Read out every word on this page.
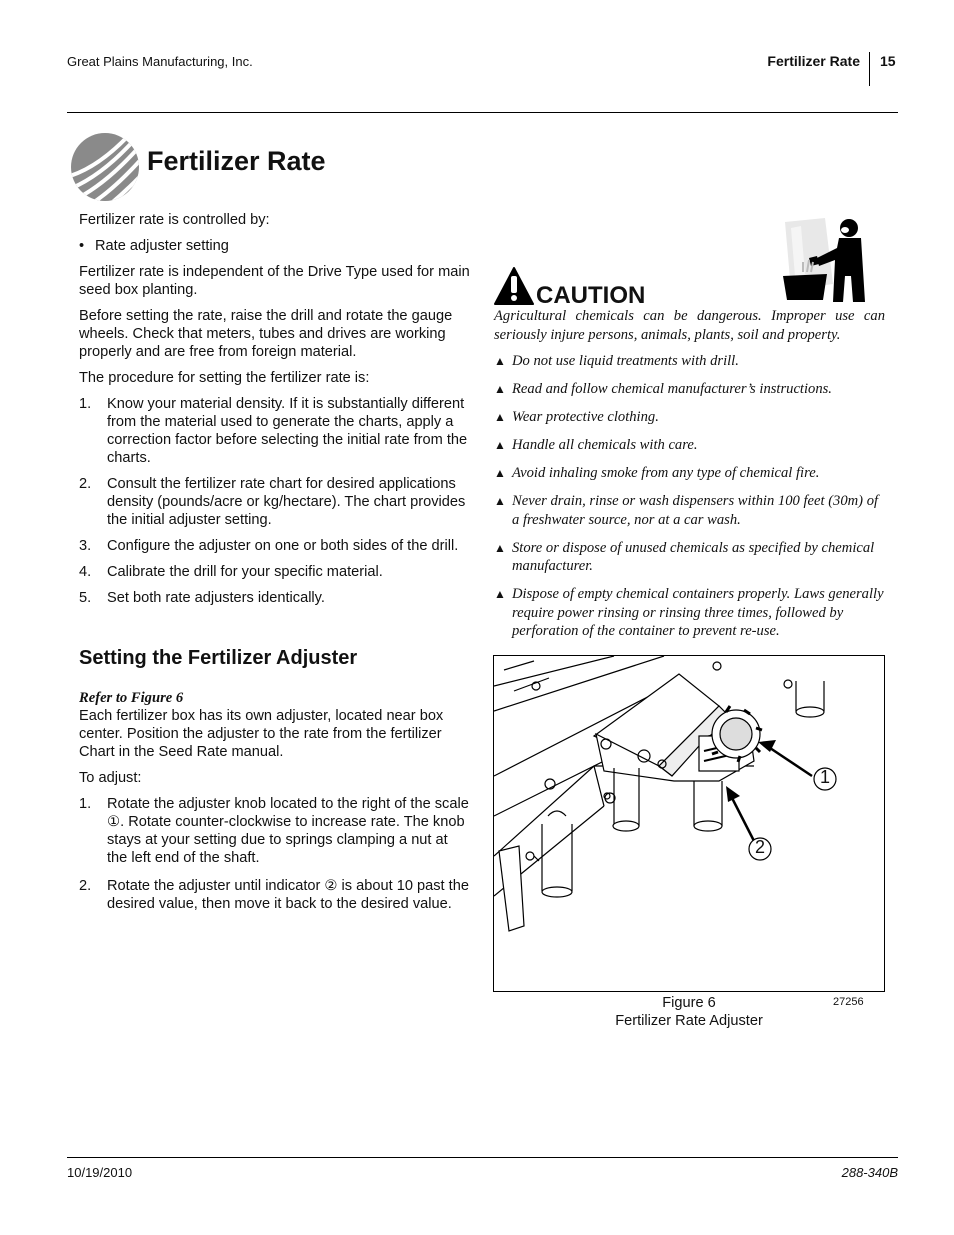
Great Plains Manufacturing, Inc.	Fertilizer Rate 15
Fertilizer Rate

Fertilizer rate is controlled by:

• Rate adjuster setting

Fertilizer rate is independent of the Drive Type used for main seed box planting.

Before setting the rate, raise the drill and rotate the gauge wheels. Check that meters, tubes and drives are working properly and are free from foreign material.

The procedure for setting the fertilizer rate is:

1. Know your material density. If it is substantially different from the material used to generate the charts, apply a correction factor before selecting the initial rate from the charts.
2. Consult the fertilizer rate chart for desired applications density (pounds/acre or kg/hectare). The chart provides the initial adjuster setting.
3. Configure the adjuster on one or both sides of the drill.
4. Calibrate the drill for your specific material.
5. Set both rate adjusters identically.
Setting the Fertilizer Adjuster
Refer to Figure 6

Each fertilizer box has its own adjuster, located near box center. Position the adjuster to the rate from the fertilizer Chart in the Seed Rate manual.

To adjust:

1. Rotate the adjuster knob located to the right of the scale ①. Rotate counter-clockwise to increase rate. The knob stays at your setting due to springs clamping a nut at the left end of the shaft.
2. Rotate the adjuster until indicator ② is about 10 past the desired value, then move it back to the desired value.
CAUTION

Agricultural chemicals can be dangerous. Improper use can seriously injure persons, animals, plants, soil and property.

▲ Do not use liquid treatments with drill.
▲ Read and follow chemical manufacturer’s instructions.
▲ Wear protective clothing.
▲ Handle all chemicals with care.
▲ Avoid inhaling smoke from any type of chemical fire.
▲ Never drain, rinse or wash dispensers within 100 feet (30m) of a freshwater source, nor at a car wash.
▲ Store or dispose of unused chemicals as specified by chemical manufacturer.
▲ Dispose of empty chemical containers properly. Laws generally require power rinsing or rinsing three times, followed by perforation of the container to prevent re-use.
1
2
Figure 6
Fertilizer Rate Adjuster
27256
10/19/2010	288-340B
